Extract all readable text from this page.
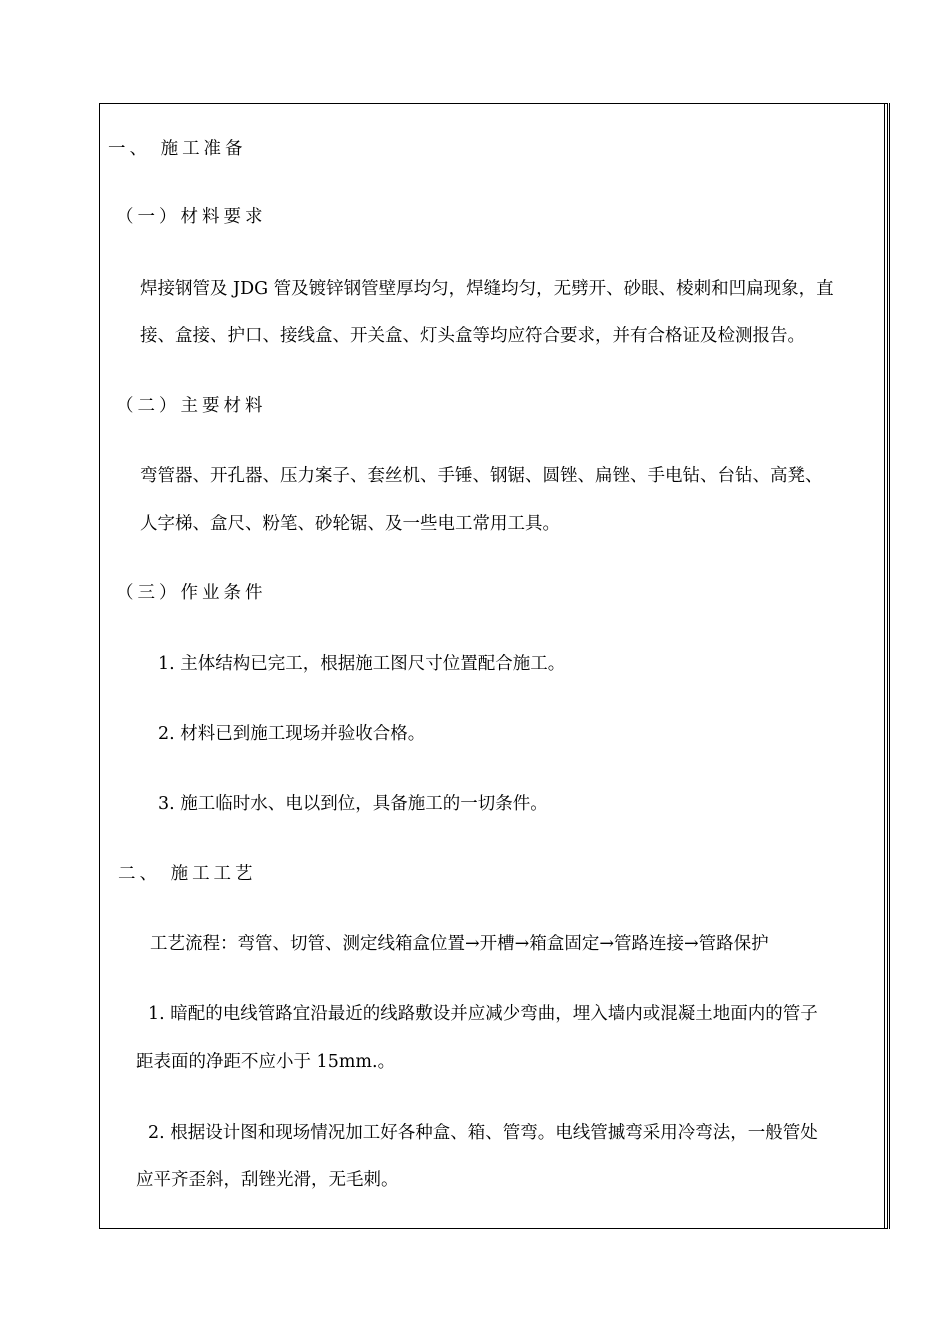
一、 施工准备
（一）材料要求
焊接钢管及 JDG 管及镀锌钢管壁厚均匀，焊缝均匀，无劈开、砂眼、棱刺和凹扁现象，直
接、盒接、护口、接线盒、开关盒、灯头盒等均应符合要求，并有合格证及检测报告。
（二）主要材料
弯管器、开孔器、压力案子、套丝机、手锤、钢锯、圆锉、扁锉、手电钻、台钻、高凳、
人字梯、盒尺、粉笔、砂轮锯、及一些电工常用工具。
（三）作业条件
1. 主体结构已完工，根据施工图尺寸位置配合施工。
2. 材料已到施工现场并验收合格。
3. 施工临时水、电以到位，具备施工的一切条件。
二、 施工工艺
工艺流程：弯管、切管、测定线箱盒位置→开槽→箱盒固定→管路连接→管路保护
1. 暗配的电线管路宜沿最近的线路敷设并应减少弯曲，埋入墙内或混凝土地面内的管子
距表面的净距不应小于 15mm.。
2. 根据设计图和现场情况加工好各种盒、箱、管弯。电线管摵弯采用冷弯法，一般管处
应平齐歪斜，刮锉光滑，无毛刺。
